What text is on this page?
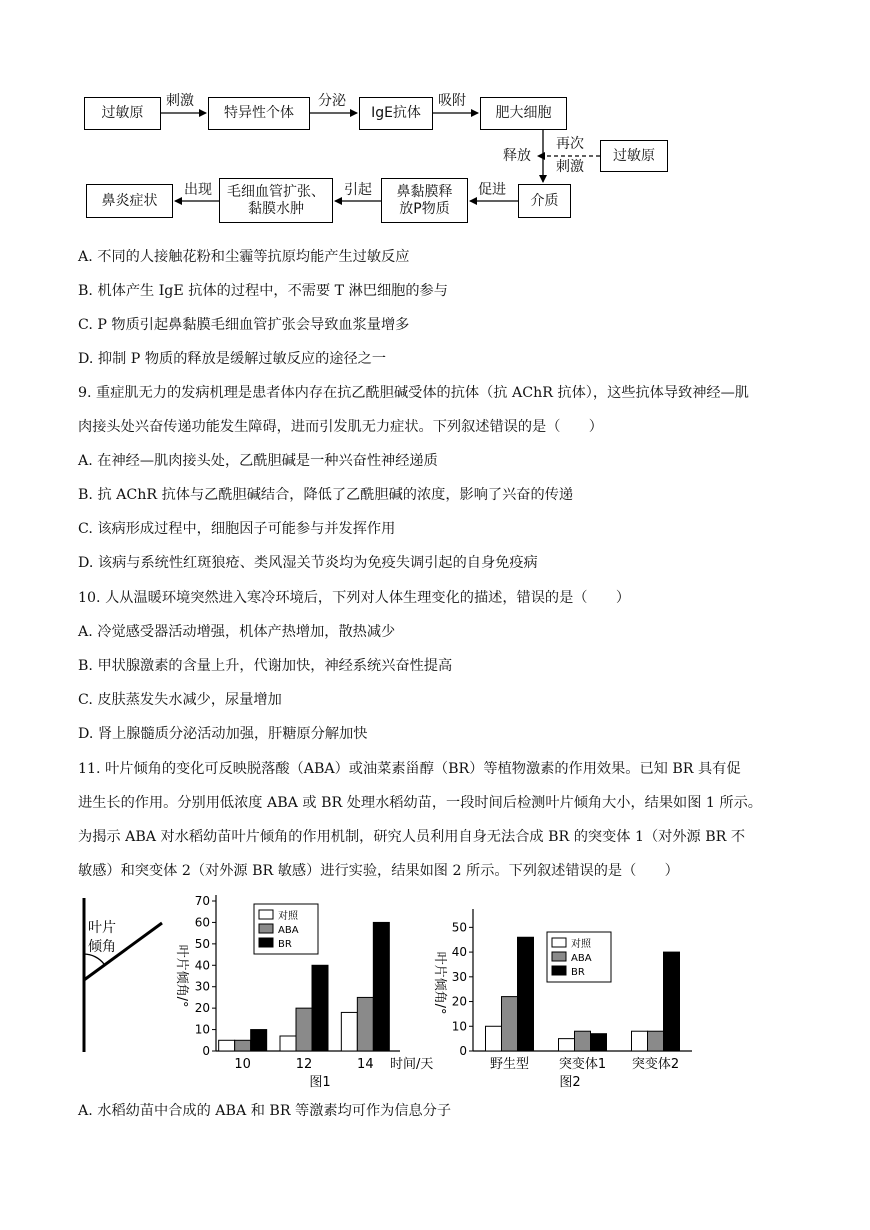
过敏原	特异性个体	IgE抗体	肥大细胞
过敏原
介质
鼻黏膜释
放P物质
毛细血管扩张、
黏膜水肿
鼻炎症状
刺激	分泌	吸附
再次
刺激
释放
促进
引起
出现
A. 不同的人接触花粉和尘霾等抗原均能产生过敏反应
B. 机体产生 IgE 抗体的过程中，不需要 T 淋巴细胞的参与
C. P 物质引起鼻黏膜毛细血管扩张会导致血浆量增多
D. 抑制 P 物质的释放是缓解过敏反应的途径之一
9. 重症肌无力的发病机理是患者体内存在抗乙酰胆碱受体的抗体（抗 AChR 抗体），这些抗体导致神经—肌
肉接头处兴奋传递功能发生障碍，进而引发肌无力症状。下列叙述错误的是（　　）
A. 在神经—肌肉接头处，乙酰胆碱是一种兴奋性神经递质
B. 抗 AChR 抗体与乙酰胆碱结合，降低了乙酰胆碱的浓度，影响了兴奋的传递
C. 该病形成过程中，细胞因子可能参与并发挥作用
D. 该病与系统性红斑狼疮、类风湿关节炎均为免疫失调引起的自身免疫病
10. 人从温暖环境突然进入寒冷环境后，下列对人体生理变化的描述，错误的是（　　）
A. 冷觉感受器活动增强，机体产热增加，散热减少
B. 甲状腺激素的含量上升，代谢加快，神经系统兴奋性提高
C. 皮肤蒸发失水减少，尿量增加
D. 肾上腺髓质分泌活动加强，肝糖原分解加快
11. 叶片倾角的变化可反映脱落酸（ABA）或油菜素甾醇（BR）等植物激素的作用效果。已知 BR 具有促
进生长的作用。分别用低浓度 ABA 或 BR 处理水稻幼苗，一段时间后检测叶片倾角大小，结果如图 1 所示。
为揭示 ABA 对水稻幼苗叶片倾角的作用机制，研究人员利用自身无法合成 BR 的突变体 1（对外源 BR 不
敏感）和突变体 2（对外源 BR 敏感）进行实验，结果如图 2 所示。下列叙述错误的是（　　）
叶片
倾角
0
10
20
30
40
50
60
70
叶片倾角/°
10	12	14 时间/天
图1
对照
ABA
BR
0
10
20
30
40
50
叶片倾角/°
野生型 突变体1 突变体2
图2
对照
ABA
BR
A. 水稻幼苗中合成的 ABA 和 BR 等激素均可作为信息分子
